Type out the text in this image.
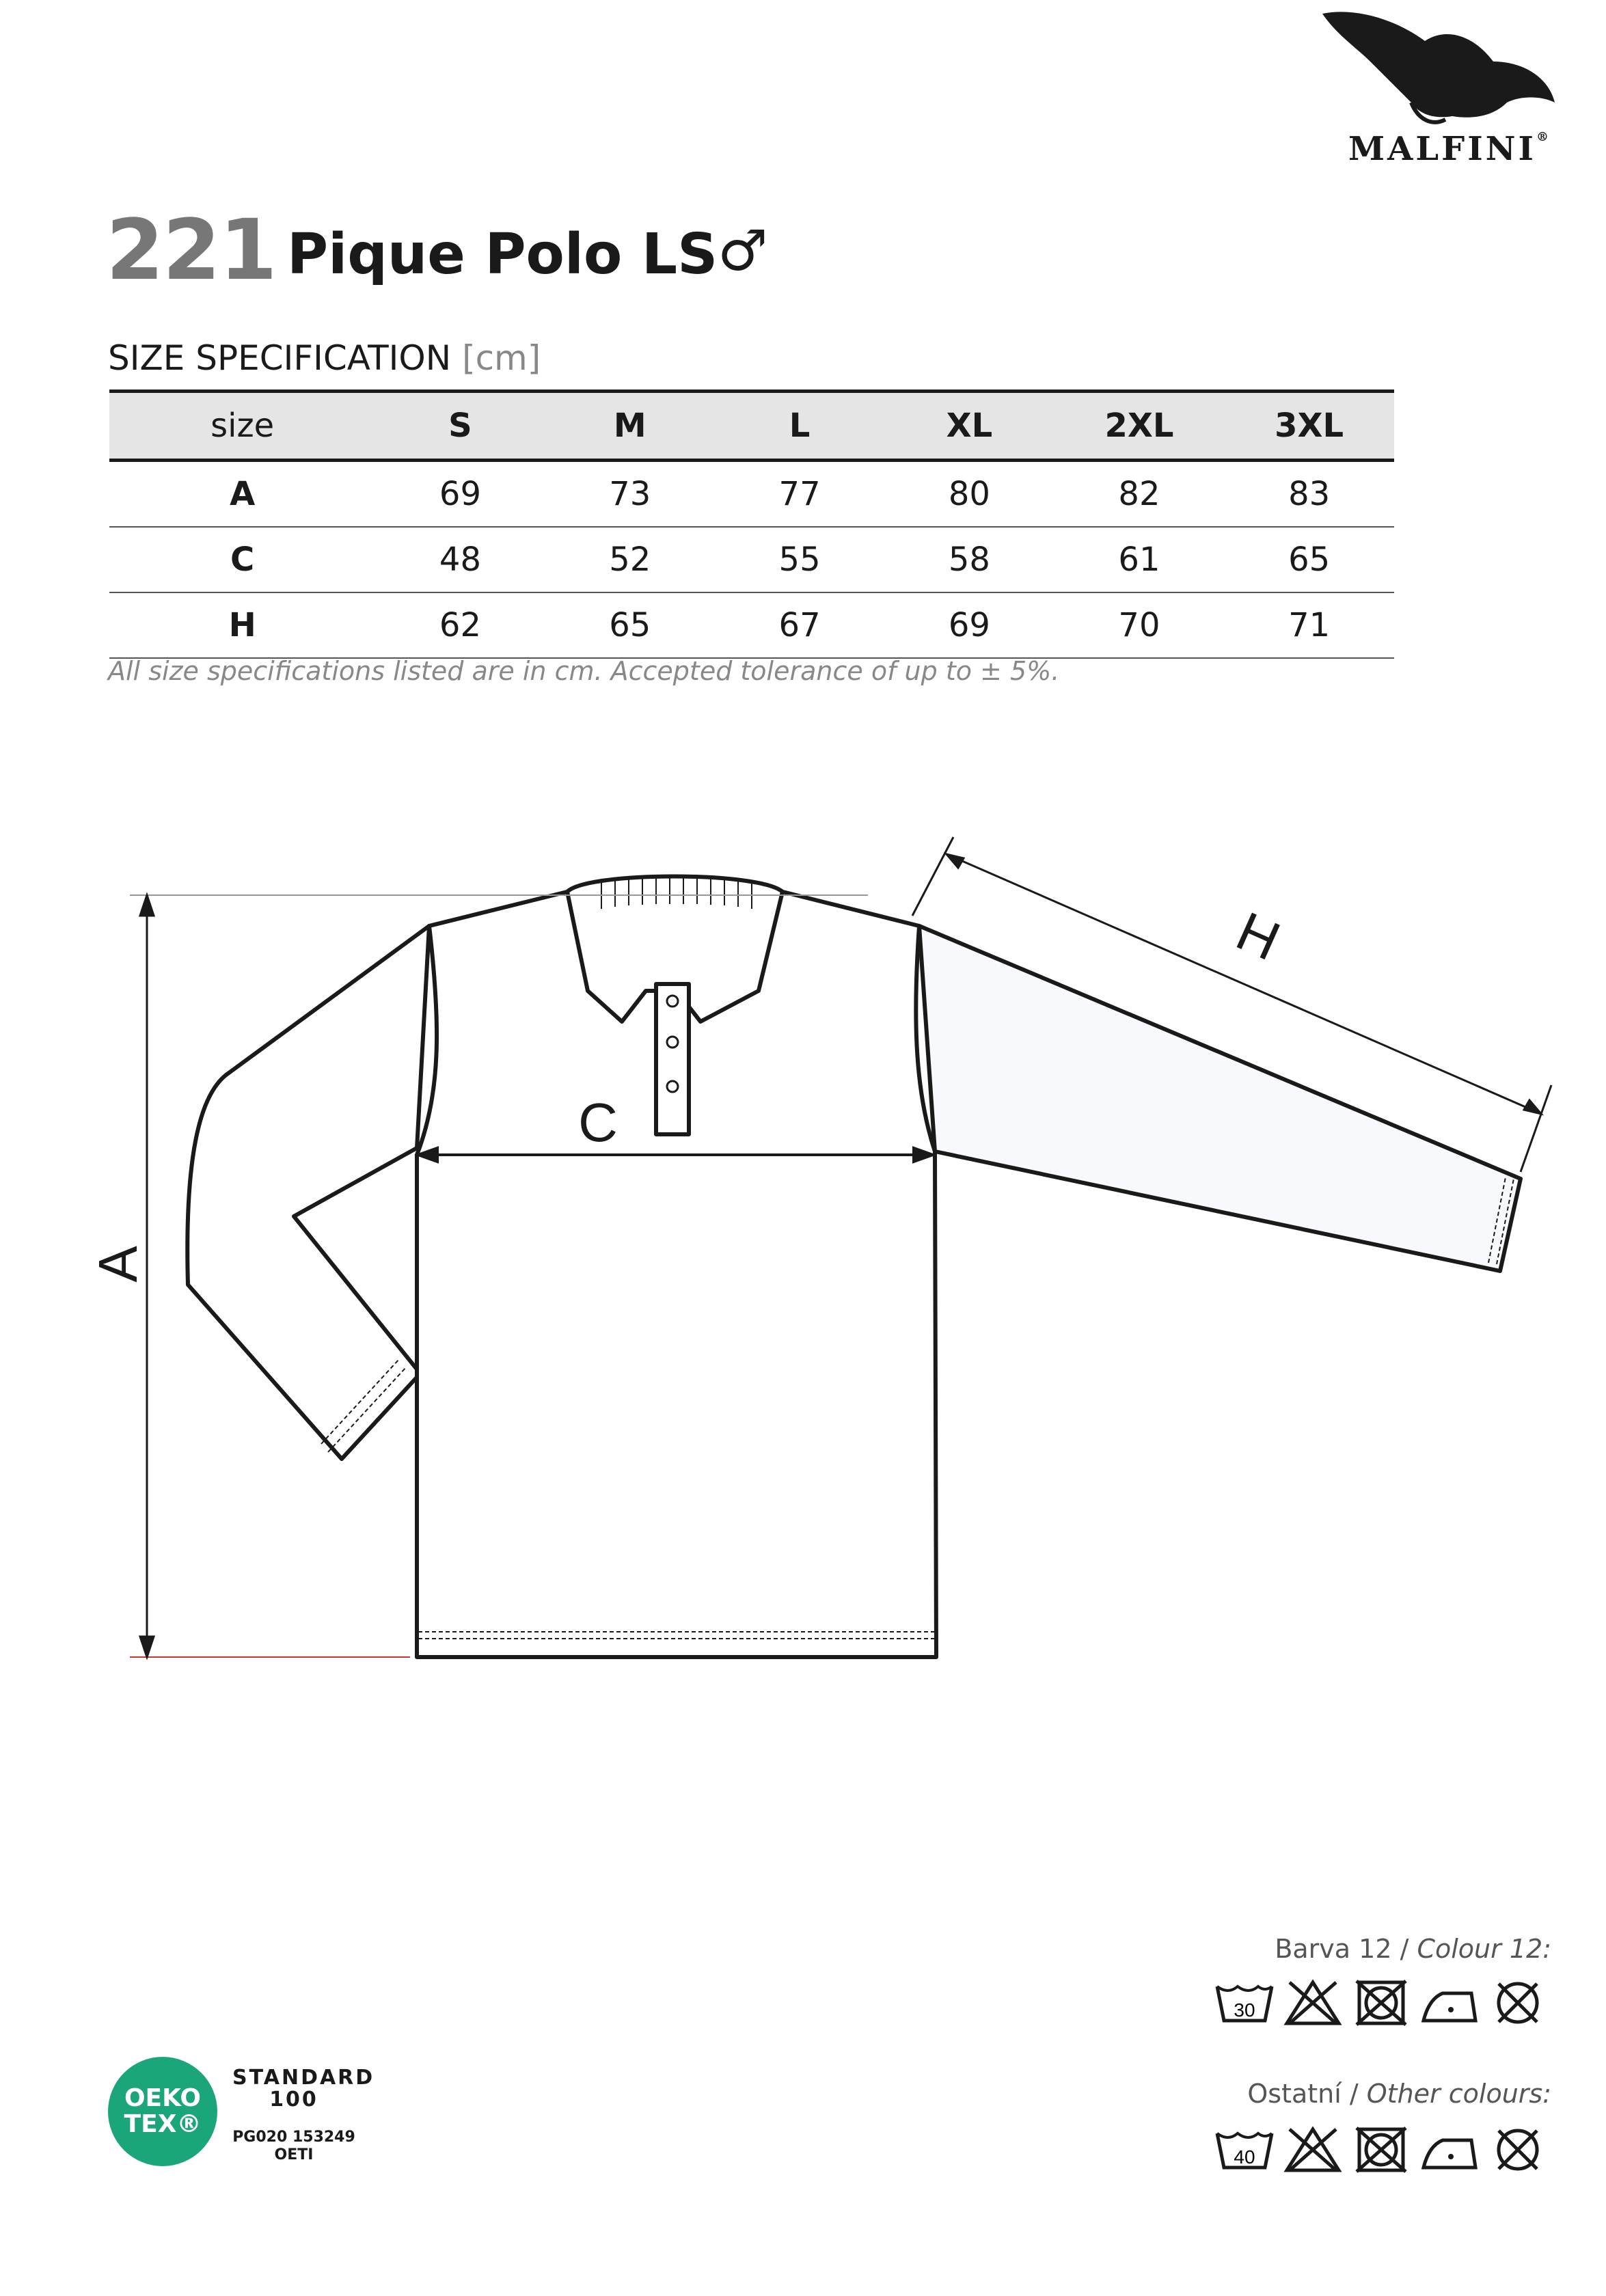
MALFINI®
221 Pique Polo LS ♂
SIZE SPECIFICATION [cm]
size	S	M	L	XL	2XL	3XL
A	69	73	77	80	82	83
C	48	52	55	58	61	65
H	62	65	67	69	70	71
All size specifications listed are in cm. Accepted tolerance of up to ± 5%.
A
C
H
Barva 12 / Colour 12:
30
Ostatní / Other colours:
40
OEKO
TEX®
STANDARD
100
PG020 153249
OETI
